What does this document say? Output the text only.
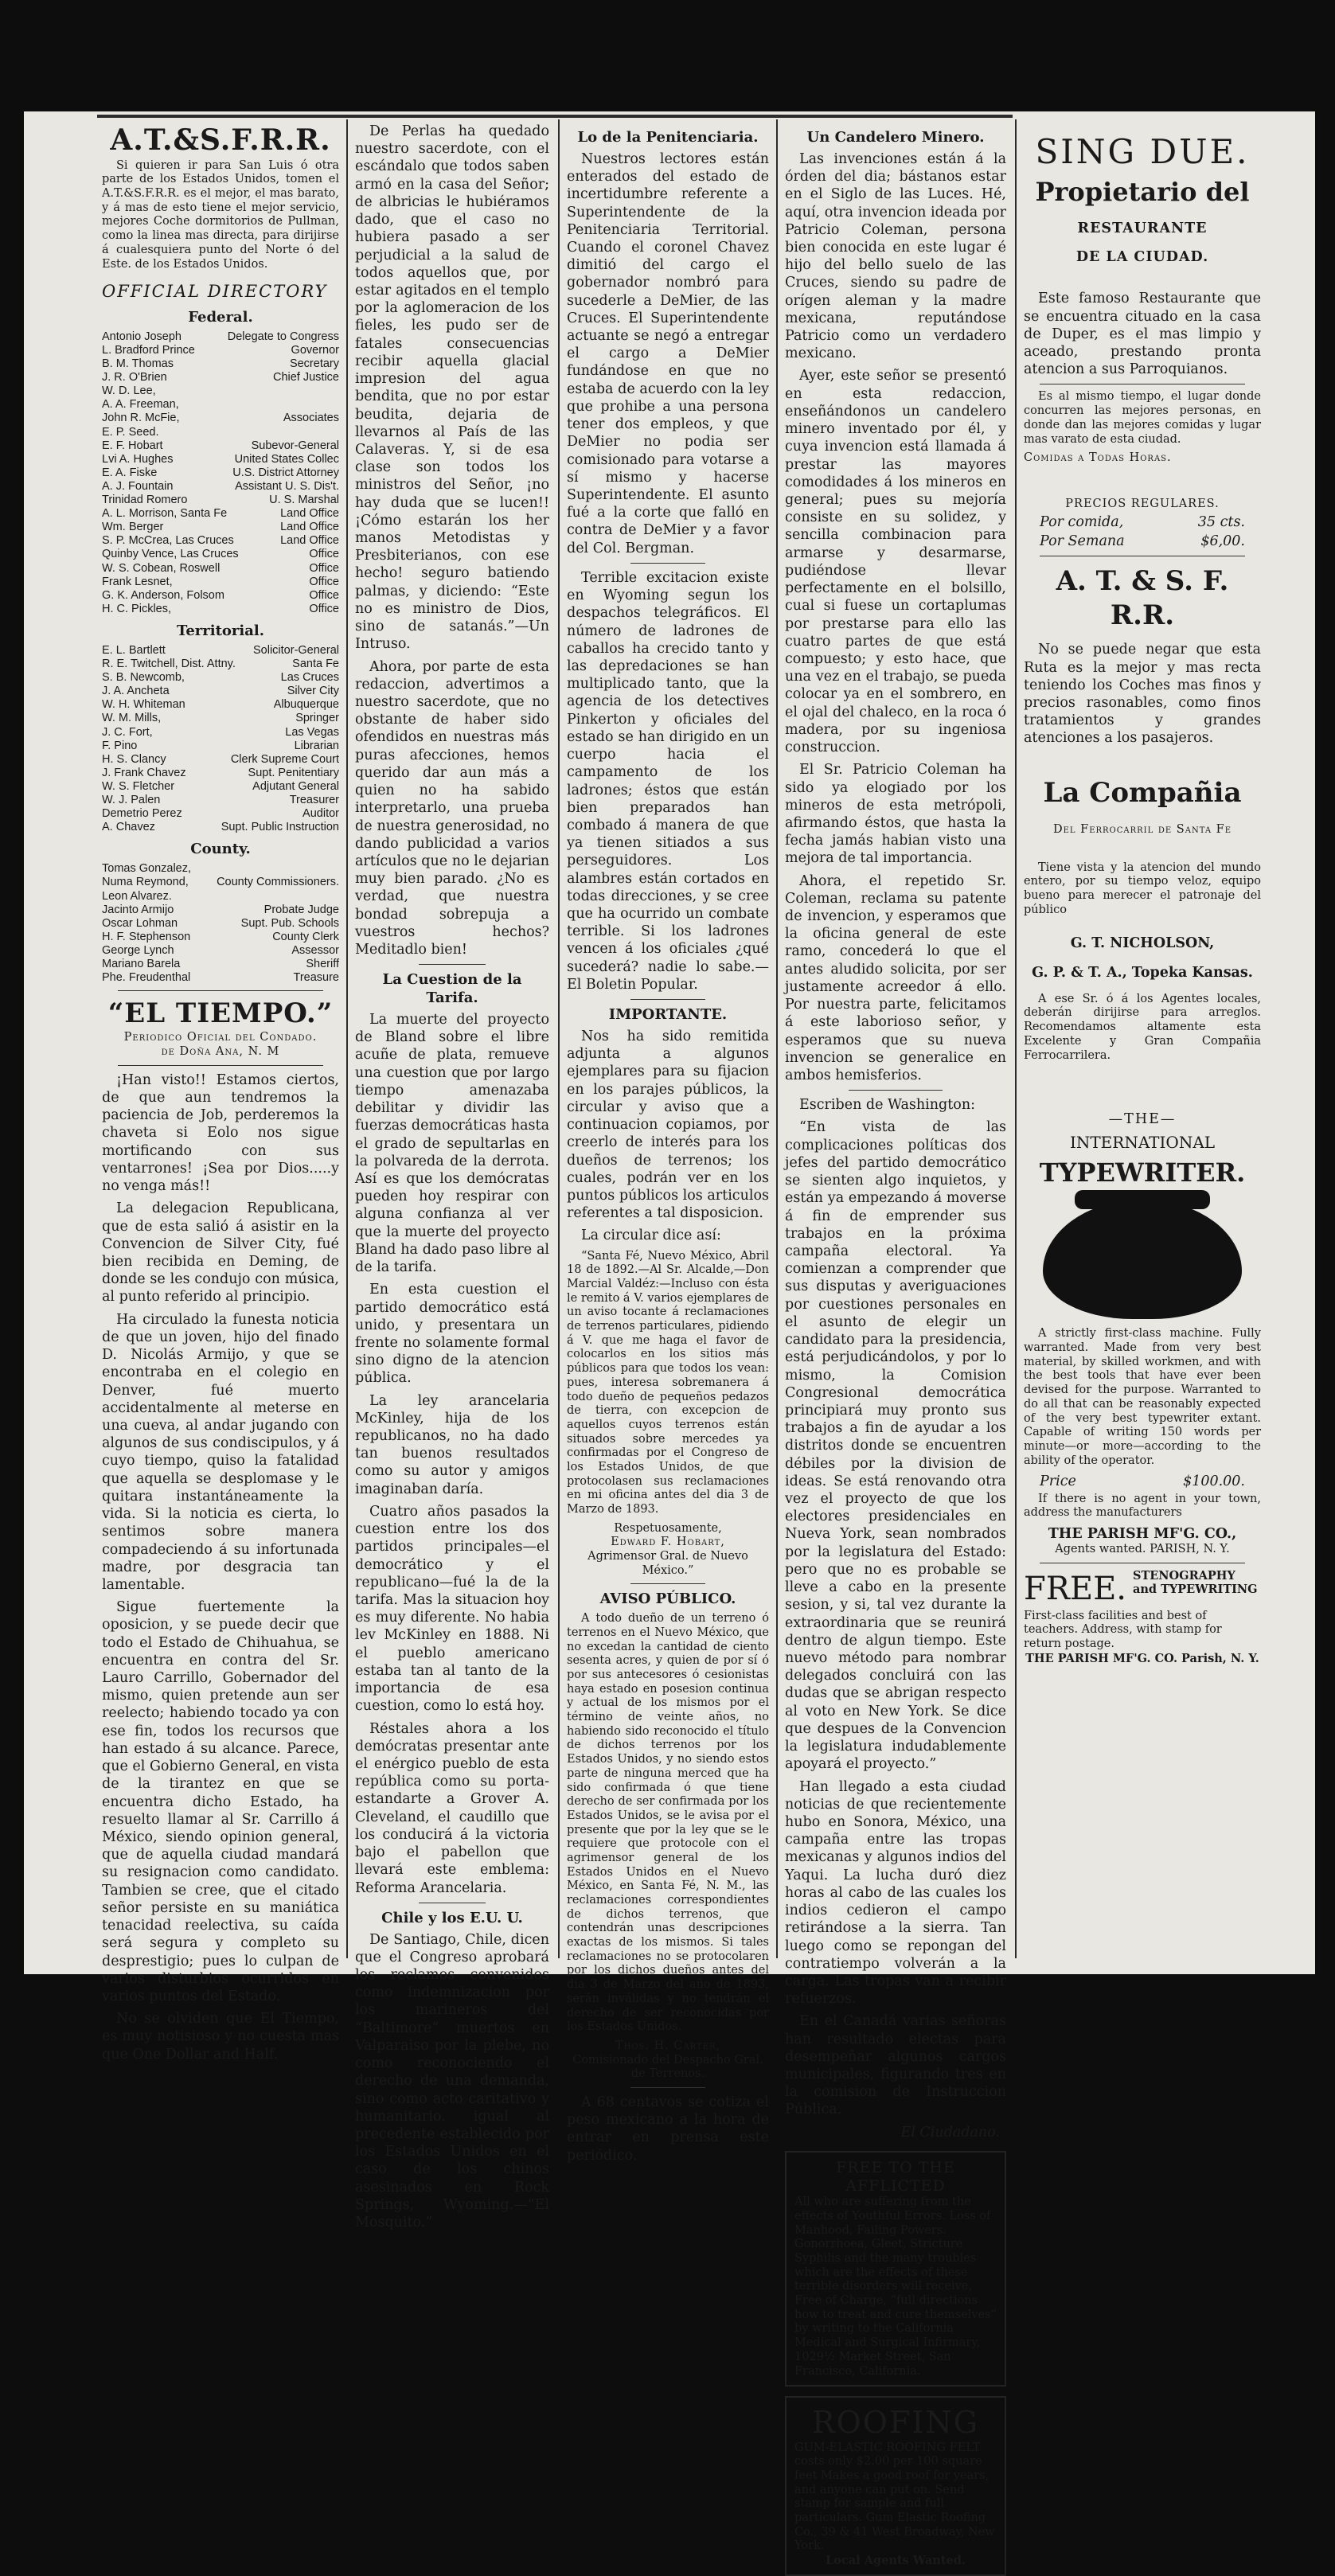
A.T.&S.F.R.R.

Si quieren ir para San Luis ó otra parte de los Estados Unidos, tomen el A.T.&S.F.R.R. es el mejor, el mas barato, y á mas de esto tiene el mejor servicio, mejores Coche dormitorios de Pullman, como la linea mas directa, para dirijirse á cualesquiera punto del Norte ó del Este. de los Estados Unidos.

OFFICIAL DIRECTORY
Federal.
Antonio Joseph	Delegate to Congress
L. Bradford Prince	Governor
B. M. Thomas	Secretary
J. R. O'Brien	Chief Justice
W. D. Lee,
A. A. Freeman,
John R. McFie,	Associates
E. P. Seed.
E. F. Hobart	Subevor-General
Lvi A. Hughes	United States Collec
E. A. Fiske	U.S. District Attorney
A. J. Fountain	Assistant U. S. Dis't.
Trinidad Romero	U. S. Marshal
A. L. Morrison, Santa Fe	Land Office
Wm. Berger	Land Office
S. P. McCrea, Las Cruces	Land Office
Quinby Vence, Las Cruces	Office
W. S. Cobean, Roswell	Office
Frank Lesnet,	Office
G. K. Anderson, Folsom	Office
H. C. Pickles,	Office
Territorial.
E. L. Bartlett	Solicitor-General
R. E. Twitchell, Dist. Attny.	Santa Fe
S. B. Newcomb,	Las Cruces
J. A. Ancheta	Silver City
W. H. Whiteman	Albuquerque
W. M. Mills,	Springer
J. C. Fort,	Las Vegas
F. Pino	Librarian
H. S. Clancy	Clerk Supreme Court
J. Frank Chavez	Supt. Penitentiary
W. S. Fletcher	Adjutant General
W. J. Palen	Treasurer
Demetrio Perez	Auditor
A. Chavez	Supt. Public Instruction
County.
Tomas Gonzalez,
Numa Reymond, County Commissioners.
Leon Alvarez.
Jacinto Armijo	Probate Judge
Oscar Lohman	Supt. Pub. Schools
H. F. Stephenson	County Clerk
George Lynch	Assessor
Mariano Barela	Sheriff
Phe. Freudenthal	Treasure
“EL TIEMPO.”
Periodico Oficial del Condado.
de Doña Ana, N. M

¡Han visto!! Estamos ciertos, de que aun tendremos la paciencia de Job, perderemos la chaveta si Eolo nos sigue mortificando con sus ventarrones! ¡Sea por Dios.....y no venga más!!

La delegacion Republicana, que de esta salió á asistir en la Convencion de Silver City, fué bien recibida en Deming, de donde se les condujo con música, al punto referido al principio.

Ha circulado la funesta noticia de que un joven, hijo del finado D. Nicolás Armijo, y que se encontraba en el colegio en Denver, fué muerto accidentalmente al meterse en una cueva, al andar jugando con algunos de sus condiscipulos, y á cuyo tiempo, quiso la fatalidad que aquella se desplomase y le quitara instantáneamente la vida. Si la noticia es cierta, lo sentimos sobre manera compadeciendo á su infortunada madre, por desgracia tan lamentable.

Sigue fuertemente la oposicion, y se puede decir que todo el Estado de Chihuahua, se encuentra en contra del Sr. Lauro Carrillo, Gobernador del mismo, quien pretende aun ser reelecto; habiendo tocado ya con ese fin, todos los recursos que han estado á su alcance. Parece, que el Gobierno General, en vista de la tirantez en que se encuentra dicho Estado, ha resuelto llamar al Sr. Carrillo á México, siendo opinion general, que de aquella ciudad mandará su resignacion como candidato. Tambien se cree, que el citado señor persiste en su maniática tenacidad reelectiva, su caída será segura y completo su desprestigio; pues lo culpan de varios disturbios ocurridos en varios puntos del Estado.

No se olviden que El Tiempo, es muy notisioso y no cuesta mas que One Dollar and Half.

De Perlas ha quedado nuestro sacerdote, con el escándalo que todos saben armó en la casa del Señor; de albricias le hubiéramos dado, que el caso no hubiera pasado a ser perjudicial a la salud de todos aquellos que, por estar agitados en el templo por la aglomeracion de los fieles, les pudo ser de fatales consecuencias recibir aquella glacial impresion del agua bendita, que no por estar beudita, dejaria de llevarnos al País de las Calaveras. Y, si de esa clase son todos los ministros del Señor, ¡no hay duda que se lucen!! ¡Cómo estarán los her manos Metodistas y Presbiterianos, con ese hecho! seguro batiendo palmas, y diciendo: “Este no es ministro de Dios, sino de satanás.”—Un Intruso.

Ahora, por parte de esta redaccion, advertimos a nuestro sacerdote, que no obstante de haber sido ofendidos en nuestras más puras afecciones, hemos querido dar aun más a quien no ha sabido interpretarlo, una prueba de nuestra generosidad, no dando publicidad a varios artículos que no le dejarian muy bien parado. ¿No es verdad, que nuestra bondad sobrepuja a vuestros hechos? Meditadlo bien!

La Cuestion de la Tarifa.

La muerte del proyecto de Bland sobre el libre acuñe de plata, remueve una cuestion que por largo tiempo amenazaba debilitar y dividir las fuerzas democráticas hasta el grado de sepultarlas en la polvareda de la derrota. Así es que los demócratas pueden hoy respirar con alguna confianza al ver que la muerte del proyecto Bland ha dado paso libre al de la tarifa.

En esta cuestion el partido democrático está unido, y presentara un frente no solamente formal sino digno de la atencion pública.

La ley arancelaria McKinley, hija de los republicanos, no ha dado tan buenos resultados como su autor y amigos imaginaban daría.

Cuatro años pasados la cuestion entre los dos partidos principales—el democrático y el republicano—fué la de la tarifa. Mas la situacion hoy es muy diferente. No habia lev McKinley en 1888. Ni el pueblo americano estaba tan al tanto de la importancia de esa cuestion, como lo está hoy.

Réstales ahora a los demócratas presentar ante el enérgico pueblo de esta república como su porta-estandarte a Grover A. Cleveland, el caudillo que los conducirá á la victoria bajo el pabellon que llevará este emblema: Reforma Arancelaria.

Chile y los E.U. U.

De Santiago, Chile, dicen que el Congreso aprobará los reclamos convenidos como indemnizacion por los marineros del “Baltimore” muertos en Valparaiso por la plebe, no como reconociendo el derecho de una demanda, sino como acto caritativo y humanitario. igual al precedente establecido por los Estados Unidos en el caso de los chinos asesinados en Rock Springs, Wyoming.—“El Mosquito.”

Lo de la Penitenciaria.

Nuestros lectores están enterados del estado de incertidumbre referente a Superintendente de la Penitenciaria Territorial. Cuando el coronel Chavez dimitió del cargo el gobernador nombró para sucederle a DeMier, de las Cruces. El Superintendente actuante se negó a entregar el cargo a DeMier fundándose en que no estaba de acuerdo con la ley que prohibe a una persona tener dos empleos, y que DeMier no podia ser comisionado para votarse a sí mismo y hacerse Superintendente. El asunto fué a la corte que falló en contra de DeMier y a favor del Col. Bergman.

Terrible excitacion existe en Wyoming segun los despachos telegráficos. El número de ladrones de caballos ha crecido tanto y las depredaciones se han multiplicado tanto, que la agencia de los detectives Pinkerton y oficiales del estado se han dirigido en un cuerpo hacia el campamento de los ladrones; éstos que están bien preparados han combado á manera de que ya tienen sitiados a sus perseguidores. Los alambres están cortados en todas direcciones, y se cree que ha ocurrido un combate terrible. Si los ladrones vencen á los oficiales ¿qué sucederá? nadie lo sabe.—El Boletin Popular.

IMPORTANTE.

Nos ha sido remitida adjunta a algunos ejemplares para su fijacion en los parajes públicos, la circular y aviso que a continuacion copiamos, por creerlo de interés para los dueños de terrenos; los cuales, podrán ver en los puntos públicos los articulos referentes a tal disposicion.

La circular dice así:

“Santa Fé, Nuevo México, Abril 18 de 1892.—Al Sr. Alcalde,—Don Marcial Valdéz:—Incluso con ésta le remito á V. varios ejemplares de un aviso tocante á reclamaciones de terrenos particulares, pidiendo á V. que me haga el favor de colocarlos en los sitios más públicos para que todos los vean: pues, interesa sobremanera á todo dueño de pequeños pedazos de tierra, con excepcion de aquellos cuyos terrenos están situados sobre mercedes ya confirmadas por el Congreso de los Estados Unidos, de que protocolasen sus reclamaciones en mi oficina antes del dia 3 de Marzo de 1893.

Respetuosamente,
Edward F. Hobart,
Agrimensor Gral. de Nuevo México.”
AVISO PÚBLICO.

A todo dueño de un terreno ó terrenos en el Nuevo México, que no excedan la cantidad de ciento sesenta acres, y quien de por sí ó por sus antecesores ó cesionistas haya estado en posesion continua y actual de los mismos por el término de veinte años, no habiendo sido reconocido el título de dichos terrenos por los Estados Unidos, y no siendo estos parte de ninguna merced que ha sido confirmada ó que tiene derecho de ser confirmada por los Estados Unidos, se le avisa por el presente que por la ley que se le requiere que protocole con el agrimensor general de los Estados Unidos en el Nuevo México, en Santa Fé, N. M., las reclamaciones correspondientes de dichos terrenos, que contendrán unas descripciones exactas de los mismos. Si tales reclamaciones no se protocolaren por los dichos dueños antes del dia 3 de Marzo del año de 1893, serán inválidas y no tendrán el derecho de ser reconocidas por los Estados Unidos.

Thos. H. Carter,
Comisionado del Despacho Gral. de Terrenos.

A 68 centavos se cotiza el peso mexicano a la hora de entrar en prensa este periódico.

Un Candelero Minero.

Las invenciones están á la órden del dia; bástanos estar en el Siglo de las Luces. Hé, aquí, otra invencion ideada por Patricio Coleman, persona bien conocida en este lugar é hijo del bello suelo de las Cruces, siendo su padre de orígen aleman y la madre mexicana, reputándose Patricio como un verdadero mexicano.

Ayer, este señor se presentó en esta redaccion, enseñándonos un candelero minero inventado por él, y cuya invencion está llamada á prestar las mayores comodidades á los mineros en general; pues su mejoría consiste en su solidez, y sencilla combinacion para armarse y desarmarse, pudiéndose llevar perfectamente en el bolsillo, cual si fuese un cortaplumas por prestarse para ello las cuatro partes de que está compuesto; y esto hace, que una vez en el trabajo, se pueda colocar ya en el sombrero, en el ojal del chaleco, en la roca ó madera, por su ingeniosa construccion.

El Sr. Patricio Coleman ha sido ya elogiado por los mineros de esta metrópoli, afirmando éstos, que hasta la fecha jamás habian visto una mejora de tal importancia.

Ahora, el repetido Sr. Coleman, reclama su patente de invencion, y esperamos que la oficina general de este ramo, concederá lo que el antes aludido solicita, por ser justamente acreedor á ello. Por nuestra parte, felicitamos á este laborioso señor, y esperamos que su nueva invencion se generalice en ambos hemisferios.

Escriben de Washington:

“En vista de las complicaciones políticas dos jefes del partido democrático se sienten algo inquietos, y están ya empezando á moverse á fin de emprender sus trabajos en la próxima campaña electoral. Ya comienzan a comprender que sus disputas y averiguaciones por cuestiones personales en el asunto de elegir un candidato para la presidencia, está perjudicándolos, y por lo mismo, la Comision Congresional democrática principiará muy pronto sus trabajos a fin de ayudar a los distritos donde se encuentren débiles por la division de ideas. Se está renovando otra vez el proyecto de que los electores presidenciales en Nueva York, sean nombrados por la legislatura del Estado: pero que no es probable se lleve a cabo en la presente sesion, y si, tal vez durante la extraordinaria que se reunirá dentro de algun tiempo. Este nuevo método para nombrar delegados concluirá con las dudas que se abrigan respecto al voto en New York. Se dice que despues de la Convencion la legislatura indudablemente apoyará el proyecto.”

Han llegado a esta ciudad noticias de que recientemente hubo en Sonora, México, una campaña entre las tropas mexicanas y algunos indios del Yaqui. La lucha duró diez horas al cabo de las cuales los indios cedieron el campo retirándose a la sierra. Tan luego como se repongan del contratiempo volverán a la carga. Las tropas van a recibir refuerzos.

En el Canadá varias señoras han resultado electas para desempeñar algunos cargos municipales, figurando tres en la comision de Instruccion Pública.

El Ciudadano.
FREE TO THE AFFLICTED
All who are suffering from the effects of Youthful Errors. Loss of Manhood, Failing Powers. Gonorrhoea, Gleet, Stricture Syphilis and the many troubles which are the effects of these terrible disorders will receive, Free of Charge, “full directions how to treat and cure themselves” by writing to the California Medical and Surgical Infirmary, 1029½ Market Street, San Francisco, California.
ROOFING
GUM-ELASTIC ROOFING FELT costs only $2.00 per 100 square feet Makes a good roof for years, and anyone can put on. Send stamp for sample and full particulars. Gum Elastic Roofing Co., 39 & 41 West Broadway, New York.
Local Agents Wanted.
SING DUE.
Propietario del
RESTAURANTE
DE LA CIUDAD.

Este famoso Restaurante que se encuentra cituado en la casa de Duper, es el mas limpio y aceado, prestando pronta atencion a sus Parroquianos.

Es al mismo tiempo, el lugar donde concurren las mejores personas, en donde dan las mejores comidas y lugar mas varato de esta ciudad.

Comidas a Todas Horas.
PRECIOS REGULARES.
Por comida,	35 cts.
Por Semana	$6,00.
A. T. & S. F. R.R.

No se puede negar que esta Ruta es la mejor y mas recta teniendo los Coches mas finos y precios rasonables, como finos tratamientos y grandes atenciones a los pasajeros.

La Compañia
Del Ferrocarril de Santa Fe

Tiene vista y la atencion del mundo entero, por su tiempo veloz, equipo bueno para merecer el patronaje del público

G. T. NICHOLSON,
G. P. & T. A., Topeka Kansas.

A ese Sr. ó á los Agentes locales, deberán dirijirse para arreglos. Recomendamos altamente esta Excelente y Gran Compañia Ferrocarrilera.

—THE—
INTERNATIONAL
TYPEWRITER.

A strictly first-class machine. Fully warranted. Made from very best material, by skilled workmen, and with the best tools that have ever been devised for the purpose. Warranted to do all that can be reasonably expected of the very best typewriter extant. Capable of writing 150 words per minute—or more—according to the ability of the operator.

Price	$100.00.

If there is no agent in your town, address the manufacturers

THE PARISH MF'G. CO.,
Agents wanted. PARISH, N. Y.
FREE. STENOGRAPHY and TYPEWRITING
First-class facilities and best of teachers. Address, with stamp for return postage.
THE PARISH MF'G. CO. Parish, N. Y.
